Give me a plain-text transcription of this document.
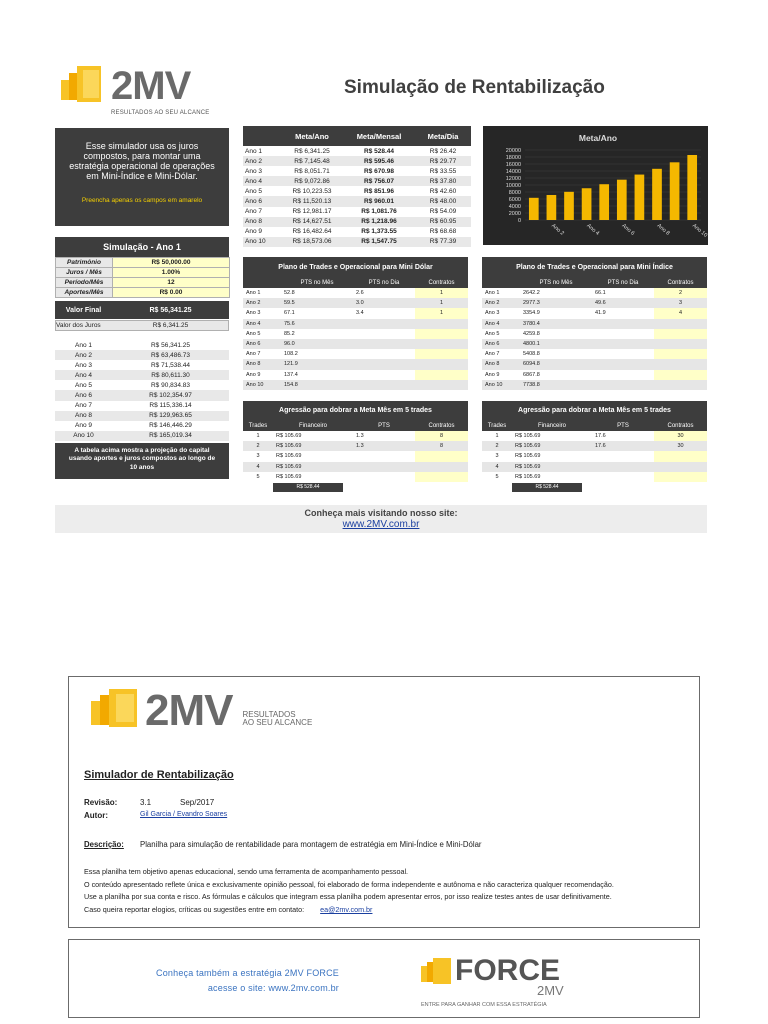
2MV
RESULTADOS AO SEU ALCANCE
Simulação de Rentabilização
Esse simulador usa os juros compostos, para montar uma estratégia operacional de operações em Mini-Índice e Mini-Dólar.
Preencha apenas os campos em amarelo
	Meta/Ano	Meta/Mensal	Meta/Dia
Ano 1	R$ 6,341.25	R$ 528.44	R$ 26.42
Ano 2	R$ 7,145.48	R$ 595.46	R$ 29.77
Ano 3	R$ 8,051.71	R$ 670.98	R$ 33.55
Ano 4	R$ 9,072.86	R$ 756.07	R$ 37.80
Ano 5	R$ 10,223.53	R$ 851.96	R$ 42.60
Ano 6	R$ 11,520.13	R$ 960.01	R$ 48.00
Ano 7	R$ 12,981.17	R$ 1,081.76	R$ 54.09
Ano 8	R$ 14,627.51	R$ 1,218.96	R$ 60.95
Ano 9	R$ 16,482.64	R$ 1,373.55	R$ 68.68
Ano 10	R$ 18,573.06	R$ 1,547.75	R$ 77.39
Meta/Ano
0
2000
4000
6000
8000
10000
12000
14000
16000
18000
20000
Ano 2	Ano 4	Ano 6	Ano 8	Ano 10
Simulação - Ano 1
Patrimônio	R$ 50,000.00
Juros / Mês	1.00%
Período/Mês	12
Aportes/Mês	R$ 0.00
Valor Final	R$ 56,341.25
Valor dos Juros	R$ 6,341.25
Ano 1	R$ 56,341.25
Ano 2	R$ 63,486.73
Ano 3	R$ 71,538.44
Ano 4	R$ 80,611.30
Ano 5	R$ 90,834.83
Ano 6	R$ 102,354.97
Ano 7	R$ 115,336.14
Ano 8	R$ 129,963.65
Ano 9	R$ 146,446.29
Ano 10	R$ 165,019.34
A tabela acima mostra a projeção do capital usando aportes e juros compostos ao longo de 10 anos
Plano de Trades e Operacional para Mini Dólar
	PTS no Mês	PTS no Dia	Contratos
Ano 1	52.8	2.6	1
Ano 2	59.5	3.0	1
Ano 3	67.1	3.4	1
Ano 4	75.6		
Ano 5	85.2		
Ano 6	96.0		
Ano 7	108.2		
Ano 8	121.9		
Ano 9	137.4		
Ano 10	154.8		
Plano de Trades e Operacional para Mini Índice
	PTS no Mês	PTS no Dia	Contratos
Ano 1	2642.2	66.1	2
Ano 2	2977.3	49.6	3
Ano 3	3354.9	41.9	4
Ano 4	3780.4		
Ano 5	4259.8		
Ano 6	4800.1		
Ano 7	5408.8		
Ano 8	6094.8		
Ano 9	6867.8		
Ano 10	7738.8		
Agressão para dobrar a Meta Mês em 5 trades
Trades	Financeiro	PTS	Contratos
1	R$ 105.69	1.3	8
2	R$ 105.69	1.3	8
3	R$ 105.69		
4	R$ 105.69		
5	R$ 105.69		
R$ 528.44
Agressão para dobrar a Meta Mês em 5 trades
Trades	Financeiro	PTS	Contratos
1	R$ 105.69	17.6	30
2	R$ 105.69	17.6	30
3	R$ 105.69		
4	R$ 105.69		
5	R$ 105.69		
R$ 528.44
Conheça mais visitando nosso site:
www.2MV.com.br
2MV RESULTADOS
AO SEU ALCANCE
Simulador de Rentabilização
Revisão:	3.1	Sep/2017
Autor:	Gil Garcia / Evandro Soares
Descrição:	Planilha para simulação de rentabilidade para montagem de estratégia em Mini-Índice e Mini-Dólar
Essa planilha tem objetivo apenas educacional, sendo uma ferramenta de acompanhamento pessoal.
O conteúdo apresentado reflete única e exclusivamente opinião pessoal, foi elaborado de forma independente e autônoma e não caracteriza qualquer recomendação.
Use a planilha por sua conta e risco. As fórmulas e cálculos que integram essa planilha podem apresentar erros, por isso realize testes antes de usar definitivamente.
Caso queira reportar elogios, críticas ou sugestões entre em contato: ea@2mv.com.br
Conheça também a estratégia 2MV FORCE
acesse o site: www.2mv.com.br
FORCE
2MV
ENTRE PARA GANHAR COM ESSA ESTRATÉGIA
